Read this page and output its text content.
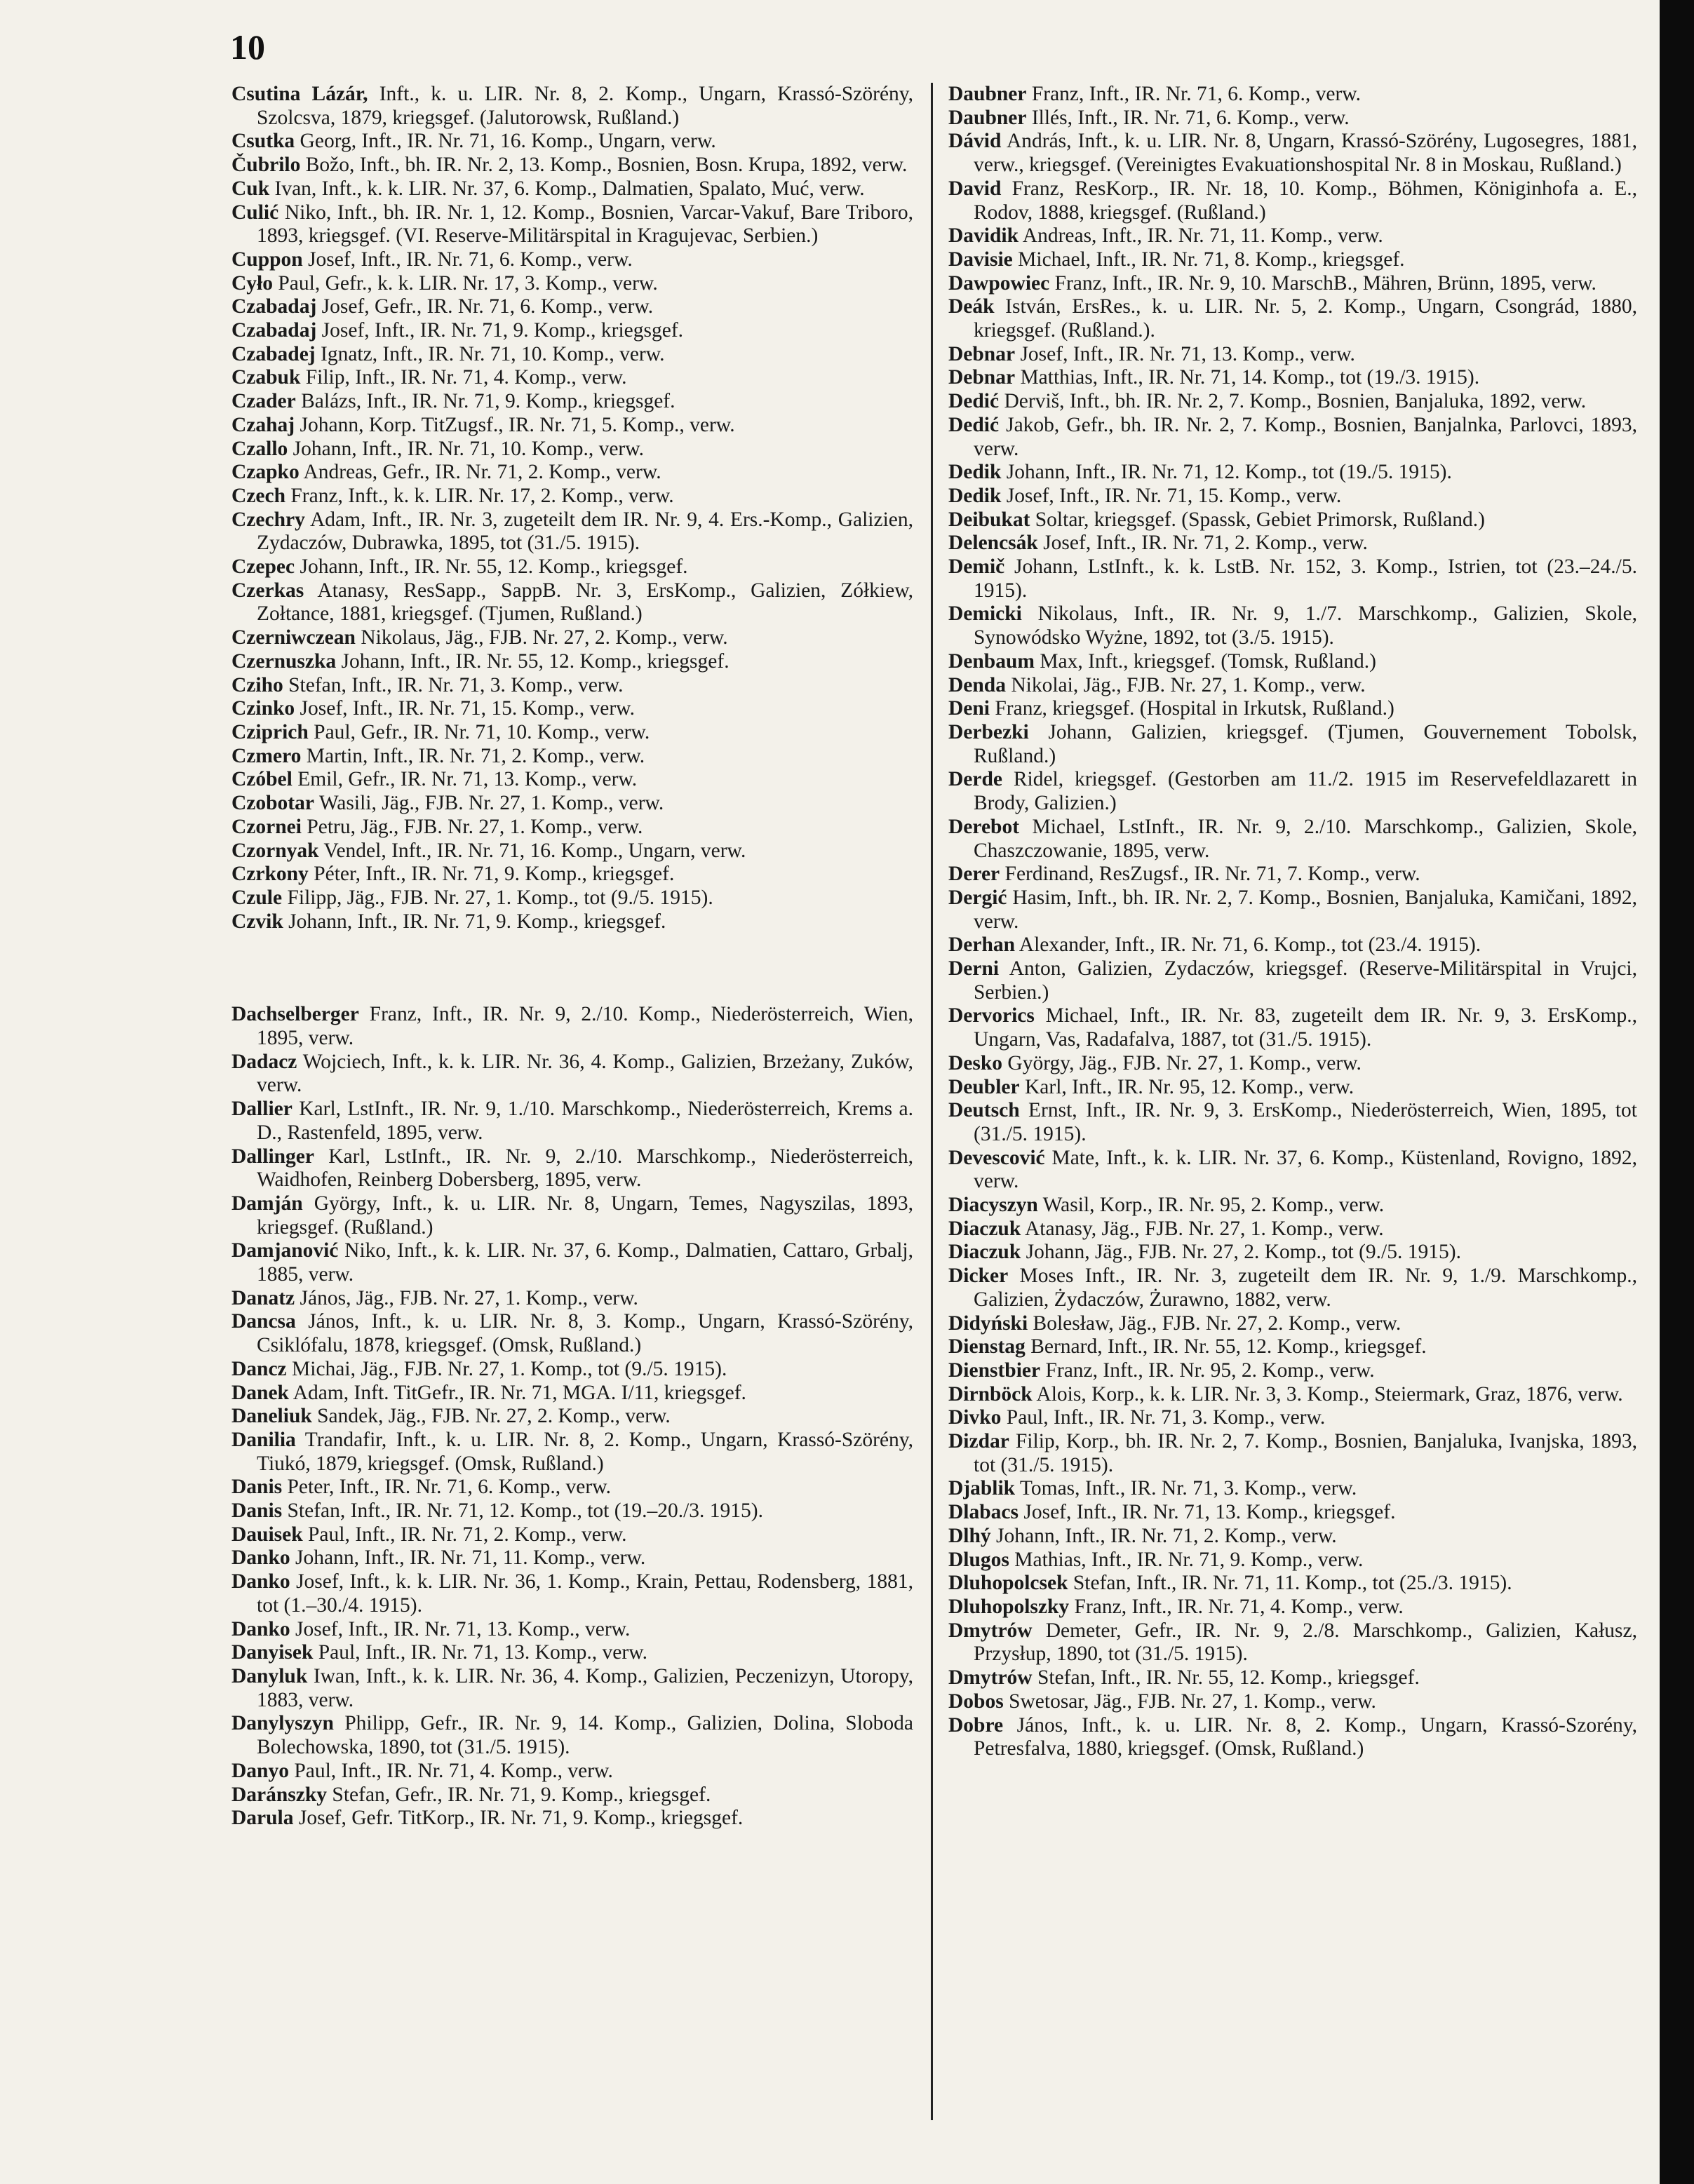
10
Csutina Lázár, Inft., k. u. LIR. Nr. 8, 2. Komp., Ungarn, Krassó-Szörény, Szolcsva, 1879, kriegsgef. (Jalutorowsk, Rußland.)
Csutka Georg, Inft., IR. Nr. 71, 16. Komp., Ungarn, verw.
Čubrilo Božo, Inft., bh. IR. Nr. 2, 13. Komp., Bosnien, Bosn. Krupa, 1892, verw.
Cuk Ivan, Inft., k. k. LIR. Nr. 37, 6. Komp., Dalmatien, Spalato, Muć, verw.
Culić Niko, Inft., bh. IR. Nr. 1, 12. Komp., Bosnien, Varcar-Vakuf, Bare Triboro, 1893, kriegsgef. (VI. Reserve-Militärspital in Kragujevac, Serbien.)
Cuppon Josef, Inft., IR. Nr. 71, 6. Komp., verw.
Cyło Paul, Gefr., k. k. LIR. Nr. 17, 3. Komp., verw.
Czabadaj Josef, Gefr., IR. Nr. 71, 6. Komp., verw.
Czabadaj Josef, Inft., IR. Nr. 71, 9. Komp., kriegsgef.
Czabadej Ignatz, Inft., IR. Nr. 71, 10. Komp., verw.
Czabuk Filip, Inft., IR. Nr. 71, 4. Komp., verw.
Czader Balázs, Inft., IR. Nr. 71, 9. Komp., kriegsgef.
Czahaj Johann, Korp. TitZugsf., IR. Nr. 71, 5. Komp., verw.
Czallo Johann, Inft., IR. Nr. 71, 10. Komp., verw.
Czapko Andreas, Gefr., IR. Nr. 71, 2. Komp., verw.
Czech Franz, Inft., k. k. LIR. Nr. 17, 2. Komp., verw.
Czechry Adam, Inft., IR. Nr. 3, zugeteilt dem IR. Nr. 9, 4. Ers.-Komp., Galizien, Zydaczów, Dubrawka, 1895, tot (31./5. 1915).
Czepec Johann, Inft., IR. Nr. 55, 12. Komp., kriegsgef.
Czerkas Atanasy, ResSapp., SappB. Nr. 3, ErsKomp., Galizien, Zółkiew, Zołtance, 1881, kriegsgef. (Tjumen, Rußland.)
Czerniwczean Nikolaus, Jäg., FJB. Nr. 27, 2. Komp., verw.
Czernuszka Johann, Inft., IR. Nr. 55, 12. Komp., kriegsgef.
Cziho Stefan, Inft., IR. Nr. 71, 3. Komp., verw.
Czinko Josef, Inft., IR. Nr. 71, 15. Komp., verw.
Cziprich Paul, Gefr., IR. Nr. 71, 10. Komp., verw.
Czmero Martin, Inft., IR. Nr. 71, 2. Komp., verw.
Czóbel Emil, Gefr., IR. Nr. 71, 13. Komp., verw.
Czobotar Wasili, Jäg., FJB. Nr. 27, 1. Komp., verw.
Czornei Petru, Jäg., FJB. Nr. 27, 1. Komp., verw.
Czornyak Vendel, Inft., IR. Nr. 71, 16. Komp., Ungarn, verw.
Czrkony Péter, Inft., IR. Nr. 71, 9. Komp., kriegsgef.
Czule Filipp, Jäg., FJB. Nr. 27, 1. Komp., tot (9./5. 1915).
Czvik Johann, Inft., IR. Nr. 71, 9. Komp., kriegsgef.
Dachselberger Franz, Inft., IR. Nr. 9, 2./10. Komp., Niederösterreich, Wien, 1895, verw.
Dadacz Wojciech, Inft., k. k. LIR. Nr. 36, 4. Komp., Galizien, Brzeżany, Zuków, verw.
Dallier Karl, LstInft., IR. Nr. 9, 1./10. Marschkomp., Niederösterreich, Krems a. D., Rastenfeld, 1895, verw.
Dallinger Karl, LstInft., IR. Nr. 9, 2./10. Marschkomp., Niederösterreich, Waidhofen, Reinberg Dobersberg, 1895, verw.
Damján György, Inft., k. u. LIR. Nr. 8, Ungarn, Temes, Nagyszilas, 1893, kriegsgef. (Rußland.)
Damjanović Niko, Inft., k. k. LIR. Nr. 37, 6. Komp., Dalmatien, Cattaro, Grbalj, 1885, verw.
Danatz János, Jäg., FJB. Nr. 27, 1. Komp., verw.
Dancsa János, Inft., k. u. LIR. Nr. 8, 3. Komp., Ungarn, Krassó-Szörény, Csiklófalu, 1878, kriegsgef. (Omsk, Rußland.)
Dancz Michai, Jäg., FJB. Nr. 27, 1. Komp., tot (9./5. 1915).
Danek Adam, Inft. TitGefr., IR. Nr. 71, MGA. I/11, kriegsgef.
Daneliuk Sandek, Jäg., FJB. Nr. 27, 2. Komp., verw.
Danilia Trandafir, Inft., k. u. LIR. Nr. 8, 2. Komp., Ungarn, Krassó-Szörény, Tiukó, 1879, kriegsgef. (Omsk, Rußland.)
Danis Peter, Inft., IR. Nr. 71, 6. Komp., verw.
Danis Stefan, Inft., IR. Nr. 71, 12. Komp., tot (19.–20./3. 1915).
Dauisek Paul, Inft., IR. Nr. 71, 2. Komp., verw.
Danko Johann, Inft., IR. Nr. 71, 11. Komp., verw.
Danko Josef, Inft., k. k. LIR. Nr. 36, 1. Komp., Krain, Pettau, Rodensberg, 1881, tot (1.–30./4. 1915).
Danko Josef, Inft., IR. Nr. 71, 13. Komp., verw.
Danyisek Paul, Inft., IR. Nr. 71, 13. Komp., verw.
Danyluk Iwan, Inft., k. k. LIR. Nr. 36, 4. Komp., Galizien, Peczenizyn, Utoropy, 1883, verw.
Danylyszyn Philipp, Gefr., IR. Nr. 9, 14. Komp., Galizien, Dolina, Sloboda Bolechowska, 1890, tot (31./5. 1915).
Danyo Paul, Inft., IR. Nr. 71, 4. Komp., verw.
Daránszky Stefan, Gefr., IR. Nr. 71, 9. Komp., kriegsgef.
Darula Josef, Gefr. TitKorp., IR. Nr. 71, 9. Komp., kriegsgef.
Daubner Franz, Inft., IR. Nr. 71, 6. Komp., verw.
Daubner Illés, Inft., IR. Nr. 71, 6. Komp., verw.
Dávid András, Inft., k. u. LIR. Nr. 8, Ungarn, Krassó-Szörény, Lugosegres, 1881, verw., kriegsgef. (Vereinigtes Evakuationshospital Nr. 8 in Moskau, Rußland.)
David Franz, ResKorp., IR. Nr. 18, 10. Komp., Böhmen, Königinhofa a. E., Rodov, 1888, kriegsgef. (Rußland.)
Davidik Andreas, Inft., IR. Nr. 71, 11. Komp., verw.
Davisie Michael, Inft., IR. Nr. 71, 8. Komp., kriegsgef.
Dawpowiec Franz, Inft., IR. Nr. 9, 10. MarschB., Mähren, Brünn, 1895, verw.
Deák István, ErsRes., k. u. LIR. Nr. 5, 2. Komp., Ungarn, Csongrád, 1880, kriegsgef. (Rußland.).
Debnar Josef, Inft., IR. Nr. 71, 13. Komp., verw.
Debnar Matthias, Inft., IR. Nr. 71, 14. Komp., tot (19./3. 1915).
Dedić Derviš, Inft., bh. IR. Nr. 2, 7. Komp., Bosnien, Banjaluka, 1892, verw.
Dedić Jakob, Gefr., bh. IR. Nr. 2, 7. Komp., Bosnien, Banjalnka, Parlovci, 1893, verw.
Dedik Johann, Inft., IR. Nr. 71, 12. Komp., tot (19./5. 1915).
Dedik Josef, Inft., IR. Nr. 71, 15. Komp., verw.
Deibukat Soltar, kriegsgef. (Spassk, Gebiet Primorsk, Rußland.)
Delencsák Josef, Inft., IR. Nr. 71, 2. Komp., verw.
Demič Johann, LstInft., k. k. LstB. Nr. 152, 3. Komp., Istrien, tot (23.–24./5. 1915).
Demicki Nikolaus, Inft., IR. Nr. 9, 1./7. Marschkomp., Galizien, Skole, Synowódsko Wyżne, 1892, tot (3./5. 1915).
Denbaum Max, Inft., kriegsgef. (Tomsk, Rußland.)
Denda Nikolai, Jäg., FJB. Nr. 27, 1. Komp., verw.
Deni Franz, kriegsgef. (Hospital in Irkutsk, Rußland.)
Derbezki Johann, Galizien, kriegsgef. (Tjumen, Gouvernement Tobolsk, Rußland.)
Derde Ridel, kriegsgef. (Gestorben am 11./2. 1915 im Reservefeldlazarett in Brody, Galizien.)
Derebot Michael, LstInft., IR. Nr. 9, 2./10. Marschkomp., Galizien, Skole, Chaszczowanie, 1895, verw.
Derer Ferdinand, ResZugsf., IR. Nr. 71, 7. Komp., verw.
Dergić Hasim, Inft., bh. IR. Nr. 2, 7. Komp., Bosnien, Banjaluka, Kamičani, 1892, verw.
Derhan Alexander, Inft., IR. Nr. 71, 6. Komp., tot (23./4. 1915).
Derni Anton, Galizien, Zydaczów, kriegsgef. (Reserve-Militärspital in Vrujci, Serbien.)
Dervorics Michael, Inft., IR. Nr. 83, zugeteilt dem IR. Nr. 9, 3. ErsKomp., Ungarn, Vas, Radafalva, 1887, tot (31./5. 1915).
Desko György, Jäg., FJB. Nr. 27, 1. Komp., verw.
Deubler Karl, Inft., IR. Nr. 95, 12. Komp., verw.
Deutsch Ernst, Inft., IR. Nr. 9, 3. ErsKomp., Niederösterreich, Wien, 1895, tot (31./5. 1915).
Devescović Mate, Inft., k. k. LIR. Nr. 37, 6. Komp., Küstenland, Rovigno, 1892, verw.
Diacyszyn Wasil, Korp., IR. Nr. 95, 2. Komp., verw.
Diaczuk Atanasy, Jäg., FJB. Nr. 27, 1. Komp., verw.
Diaczuk Johann, Jäg., FJB. Nr. 27, 2. Komp., tot (9./5. 1915).
Dicker Moses Inft., IR. Nr. 3, zugeteilt dem IR. Nr. 9, 1./9. Marschkomp., Galizien, Żydaczów, Żurawno, 1882, verw.
Didyński Bolesław, Jäg., FJB. Nr. 27, 2. Komp., verw.
Dienstag Bernard, Inft., IR. Nr. 55, 12. Komp., kriegsgef.
Dienstbier Franz, Inft., IR. Nr. 95, 2. Komp., verw.
Dirnböck Alois, Korp., k. k. LIR. Nr. 3, 3. Komp., Steiermark, Graz, 1876, verw.
Divko Paul, Inft., IR. Nr. 71, 3. Komp., verw.
Dizdar Filip, Korp., bh. IR. Nr. 2, 7. Komp., Bosnien, Banjaluka, Ivanjska, 1893, tot (31./5. 1915).
Djablik Tomas, Inft., IR. Nr. 71, 3. Komp., verw.
Dlabacs Josef, Inft., IR. Nr. 71, 13. Komp., kriegsgef.
Dlhý Johann, Inft., IR. Nr. 71, 2. Komp., verw.
Dlugos Mathias, Inft., IR. Nr. 71, 9. Komp., verw.
Dluhopolcsek Stefan, Inft., IR. Nr. 71, 11. Komp., tot (25./3. 1915).
Dluhopolszky Franz, Inft., IR. Nr. 71, 4. Komp., verw.
Dmytrów Demeter, Gefr., IR. Nr. 9, 2./8. Marschkomp., Galizien, Kałusz, Przysłup, 1890, tot (31./5. 1915).
Dmytrów Stefan, Inft., IR. Nr. 55, 12. Komp., kriegsgef.
Dobos Swetosar, Jäg., FJB. Nr. 27, 1. Komp., verw.
Dobre János, Inft., k. u. LIR. Nr. 8, 2. Komp., Ungarn, Krassó-Szorény, Petresfalva, 1880, kriegsgef. (Omsk, Rußland.)
